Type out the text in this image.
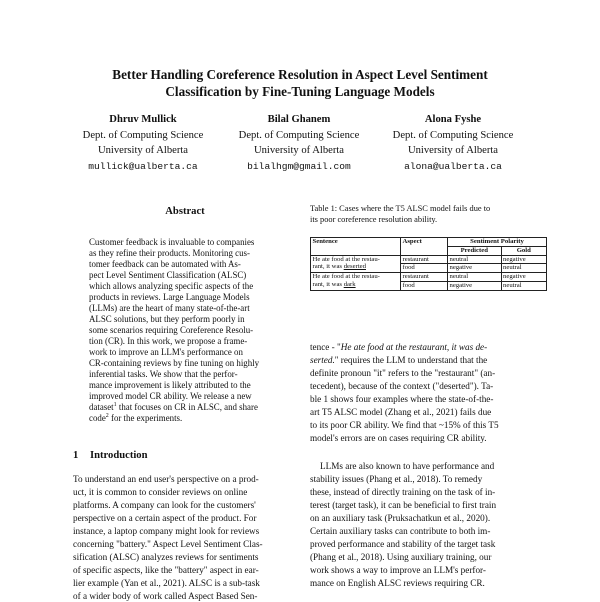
Better Handling Coreference Resolution in Aspect Level Sentiment
Classification by Fine-Tuning Language Models
Dhruv Mullick
Dept. of Computing Science
University of Alberta
mullick@ualberta.ca
Bilal Ghanem
Dept. of Computing Science
University of Alberta
bilalhgm@gmail.com
Alona Fyshe
Dept. of Computing Science
University of Alberta
alona@ualberta.ca
Abstract
Customer feedback is invaluable to companies
as they refine their products. Monitoring cus-
tomer feedback can be automated with As-
pect Level Sentiment Classification (ALSC)
which allows analyzing specific aspects of the
products in reviews. Large Language Models
(LLMs) are the heart of many state-of-the-art
ALSC solutions, but they perform poorly in
some scenarios requiring Coreference Resolu-
tion (CR). In this work, we propose a frame-
work to improve an LLM's performance on
CR-containing reviews by fine tuning on highly
inferential tasks. We show that the perfor-
mance improvement is likely attributed to the
improved model CR ability. We release a new
dataset$^1$ that focuses on CR in ALSC, and share
code$^2$ for the experiments.
1 Introduction
To understand an end user's perspective on a prod-
uct, it is common to consider reviews on online
platforms. A company can look for the customers'
perspective on a certain aspect of the product. For
instance, a laptop company might look for reviews
concerning "battery." Aspect Level Sentiment Clas-
sification (ALSC) analyzes reviews for sentiments
of specific aspects, like the "battery" aspect in ear-
lier example (Yan et al., 2021). ALSC is a sub-task
of a wider body of work called Aspect Based Sen-
Table 1: Cases where the T5 ALSC model fails due to
its poor coreference resolution ability.
Sentence	Aspect	Sentiment Polarity	
		Predicted	Gold

He ate food at the restau-
rant, it was deserted	restaurant	neutral	negative
	food	negative	neutral

He ate food at the restau-
rant, it was dark	restaurant	neutral	negative
	food	negative	neutral
tence - "He ate food at the restaurant, it was de-
serted." requires the LLM to understand that the
definite pronoun "it" refers to the "restaurant" (an-
tecedent), because of the context ("deserted"). Ta-
ble 1 shows four examples where the state-of-the-
art T5 ALSC model (Zhang et al., 2021) fails due
to its poor CR ability. We find that ~15% of this T5
model's errors are on cases requiring CR ability.
LLMs are also known to have performance and
stability issues (Phang et al., 2018). To remedy
these, instead of directly training on the task of in-
terest (target task), it can be beneficial to first train
on an auxiliary task (Pruksachatkun et al., 2020).
Certain auxiliary tasks can contribute to both im-
proved performance and stability of the target task
(Phang et al., 2018). Using auxiliary training, our
work shows a way to improve an LLM's perfor-
mance on English ALSC reviews requiring CR.
